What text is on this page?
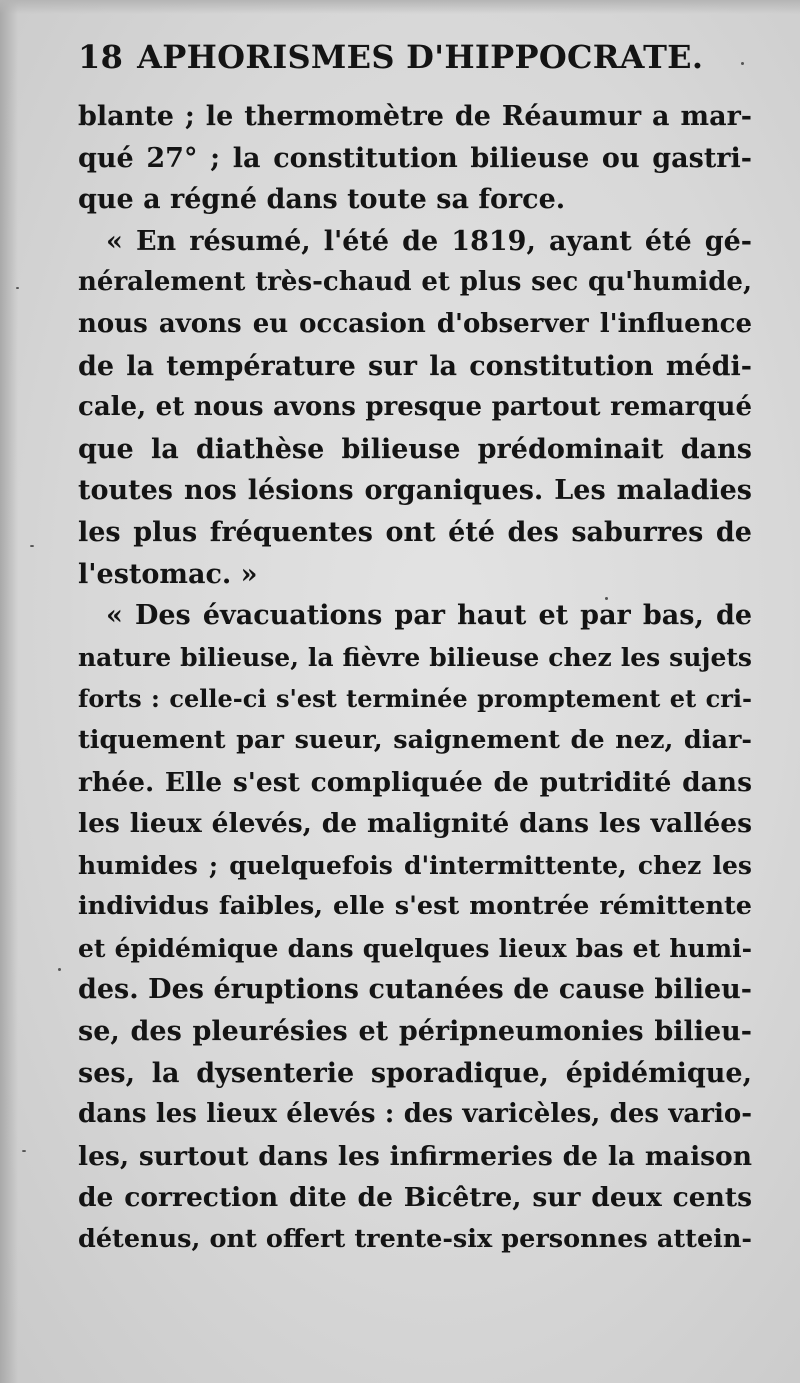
18 APHORISMES D'HIPPOCRATE.
blante ; le thermomètre de Réaumur a mar-
qué 27° ; la constitution bilieuse ou gastri-
que a régné dans toute sa force.
« En résumé, l'été de 1819, ayant été gé-
néralement très-chaud et plus sec qu'humide,
nous avons eu occasion d'observer l'influence
de la température sur la constitution médi-
cale, et nous avons presque partout remarqué
que la diathèse bilieuse prédominait dans
toutes nos lésions organiques. Les maladies
les plus fréquentes ont été des saburres de
l'estomac. »
« Des évacuations par haut et par bas, de
nature bilieuse, la fièvre bilieuse chez les sujets
forts : celle-ci s'est terminée promptement et cri-
tiquement par sueur, saignement de nez, diar-
rhée. Elle s'est compliquée de putridité dans
les lieux élevés, de malignité dans les vallées
humides ; quelquefois d'intermittente, chez les
individus faibles, elle s'est montrée rémittente
et épidémique dans quelques lieux bas et humi-
des. Des éruptions cutanées de cause bilieu-
se, des pleurésies et péripneumonies bilieu-
ses, la dysenterie sporadique, épidémique,
dans les lieux élevés : des varicèles, des vario-
les, surtout dans les infirmeries de la maison
de correction dite de Bicêtre, sur deux cents
détenus, ont offert trente-six personnes attein-
